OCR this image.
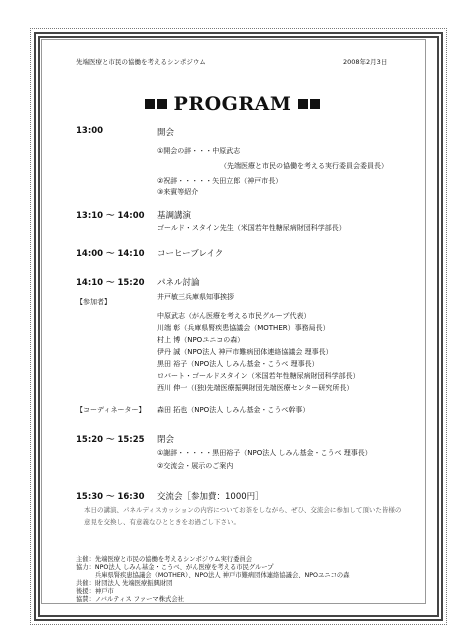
先端医療と市民の協働を考えるシンポジウム	2008年2月3日
PROGRAM
13:00	開会
①開会の辞・・・中原武志
（先端医療と市民の協働を考える実行委員会委員長）
②祝辞・・・・・矢田立郎（神戸市長）
③来賓等紹介
13:10 ～ 14:00 基調講演
ゴールド・スタイン先生（米国若年性糖尿病財団科学部長）
14:00 ～ 14:10 コーヒーブレイク
14:10 ～ 15:20 パネル討論
井戸敏三兵庫県知事挨拶
【参加者】
中原武志（がん医療を考える市民グループ代表）
川端 彰（兵庫県腎疾患協議会（MOTHER）事務局長）
村上 博（NPOユニコの森）
伊丹 誠（NPO法人 神戸市難病団体連絡協議会 理事長）
黒田 裕子（NPO法人 しみん基金・こうべ 理事長）
ロバート・ゴールドスタイン（米国若年性糖尿病財団科学部長）
西川 伸一（(独)先端医療振興財団先端医療センター研究所長）
【コーディネーター】 森田 拓也（NPO法人 しみん基金・こうべ幹事）
15:20 ～ 15:25 閉会
①謝辞・・・・・黒田裕子（NPO法人 しみん基金・こうべ 理事長）
②交流会・展示のご案内
15:30 ～ 16:30 交流会［参加費：1000円］
本日の講演、パネルディスカッションの内容についてお茶をしながら、ぜひ、交流会に参加して頂いた皆様の
意見を交換し、有意義なひとときをお過ごし下さい。
主催：先端医療と市民の協働を考えるシンポジウム実行委員会
協力：NPO法人 しみん基金・こうべ、がん医療を考える市民グループ
　　　兵庫県腎疾患協議会（MOTHER）、NPO法人 神戸市難病団体連絡協議会、NPOユニコの森
共催：財団法人 先端医療振興財団
後援：神戸市
協賛：ノバルティス ファーマ株式会社
